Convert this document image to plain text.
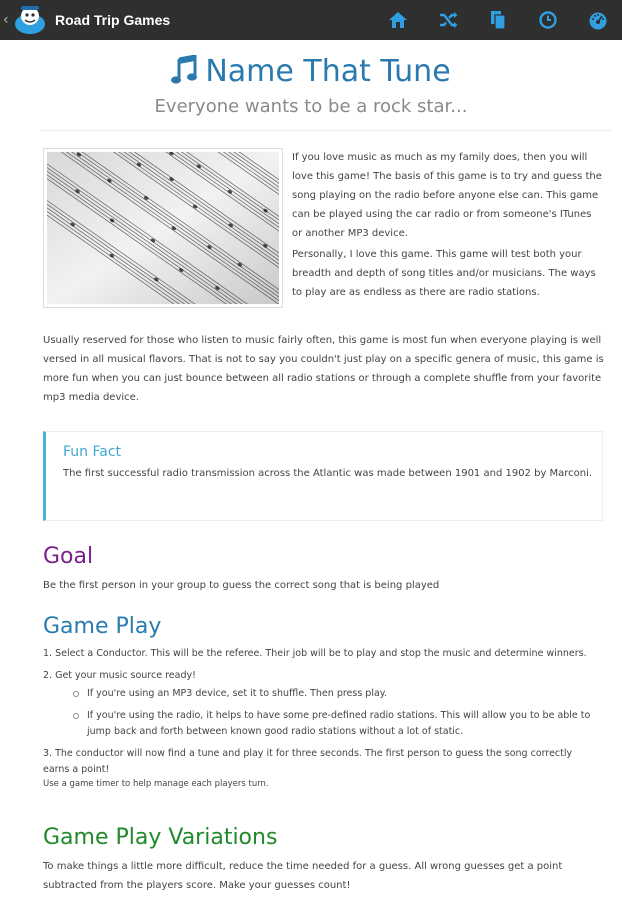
‹	Road Trip Games
Name That Tune
Everyone wants to be a rock star...

If you love music as much as my family does, then you will love this game! The basis of this game is to try and guess the song playing on the radio before anyone else can. This game can be played using the car radio or from someone's ITunes or another MP3 device.

Personally, I love this game. This game will test both your breadth and depth of song titles and/or musicians. The ways to play are as endless as there are radio stations.

Usually reserved for those who listen to music fairly often, this game is most fun when everyone playing is well versed in all musical flavors. That is not to say you couldn't just play on a specific genera of music, this game is more fun when you can just bounce between all radio stations or through a complete shuffle from your favorite mp3 media device.

Fun Fact
The first successful radio transmission across the Atlantic was made between 1901 and 1902 by Marconi.
Goal
Be the first person in your group to guess the correct song that is being played
Game Play
1. Select a Conductor. This will be the referee. Their job will be to play and stop the music and determine winners.
2. Get your music source ready!
If you're using an MP3 device, set it to shuffle. Then press play.
If you're using the radio, it helps to have some pre-defined radio stations. This will allow you to be able to jump back and forth between known good radio stations without a lot of static.
3. The conductor will now find a tune and play it for three seconds. The first person to guess the song correctly earns a point!
Use a game timer to help manage each players turn.
Game Play Variations
To make things a little more difficult, reduce the time needed for a guess. All wrong guesses get a point subtracted from the players score. Make your guesses count!
